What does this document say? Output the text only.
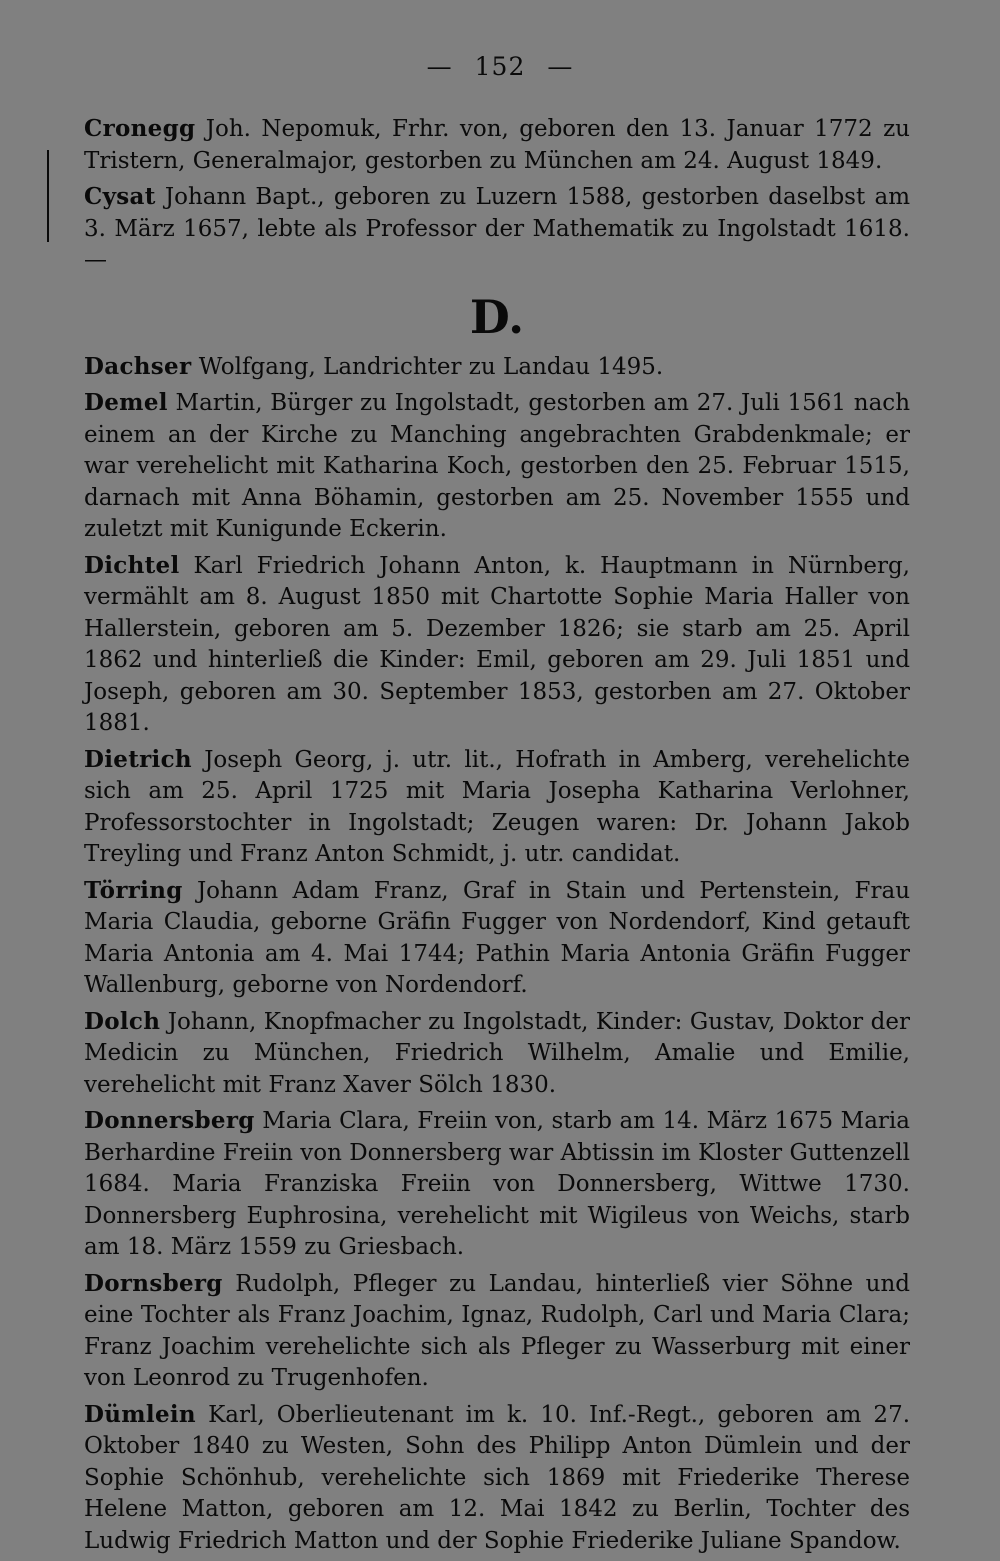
— 152 —

Cronegg Joh. Nepomuk, Frhr. von, geboren den 13. Januar 1772 zu Tristern, Generalmajor, gestorben zu München am 24. August 1849.

Cysat Johann Bapt., geboren zu Luzern 1588, gestorben daselbst am 3. März 1657, lebte als Professor der Mathematik zu Ingolstadt 1618. —

D.

Dachser Wolfgang, Landrichter zu Landau 1495.

Demel Martin, Bürger zu Ingolstadt, gestorben am 27. Juli 1561 nach einem an der Kirche zu Manching angebrachten Grabdenkmale; er war verehelicht mit Katharina Koch, gestorben den 25. Februar 1515, darnach mit Anna Böhamin, gestorben am 25. November 1555 und zuletzt mit Kunigunde Eckerin.

Dichtel Karl Friedrich Johann Anton, k. Hauptmann in Nürnberg, vermählt am 8. August 1850 mit Chartotte Sophie Maria Haller von Hallerstein, geboren am 5. Dezember 1826; sie starb am 25. April 1862 und hinterließ die Kinder: Emil, geboren am 29. Juli 1851 und Joseph, geboren am 30. September 1853, gestorben am 27. Oktober 1881.

Dietrich Joseph Georg, j. utr. lit., Hofrath in Amberg, verehelichte sich am 25. April 1725 mit Maria Josepha Katharina Verlohner, Professorstochter in Ingolstadt; Zeugen waren: Dr. Johann Jakob Treyling und Franz Anton Schmidt, j. utr. candidat.

Törring Johann Adam Franz, Graf in Stain und Pertenstein, Frau Maria Claudia, geborne Gräfin Fugger von Nordendorf, Kind getauft Maria Antonia am 4. Mai 1744; Pathin Maria Antonia Gräfin Fugger Wallenburg, geborne von Nordendorf.

Dolch Johann, Knopfmacher zu Ingolstadt, Kinder: Gustav, Doktor der Medicin zu München, Friedrich Wilhelm, Amalie und Emilie, verehelicht mit Franz Xaver Sölch 1830.

Donnersberg Maria Clara, Freiin von, starb am 14. März 1675 Maria Berhardine Freiin von Donnersberg war Abtissin im Kloster Guttenzell 1684. Maria Franziska Freiin von Donnersberg, Wittwe 1730. Donnersberg Euphrosina, verehelicht mit Wigileus von Weichs, starb am 18. März 1559 zu Griesbach.

Dornsberg Rudolph, Pfleger zu Landau, hinterließ vier Söhne und eine Tochter als Franz Joachim, Ignaz, Rudolph, Carl und Maria Clara; Franz Joachim verehelichte sich als Pfleger zu Wasserburg mit einer von Leonrod zu Trugenhofen.

Dümlein Karl, Oberlieutenant im k. 10. Inf.-Regt., geboren am 27. Oktober 1840 zu Westen, Sohn des Philipp Anton Dümlein und der Sophie Schönhub, verehelichte sich 1869 mit Friederike Therese Helene Matton, geboren am 12. Mai 1842 zu Berlin, Tochter des Ludwig Friedrich Matton und der Sophie Friederike Juliane Spandow.
